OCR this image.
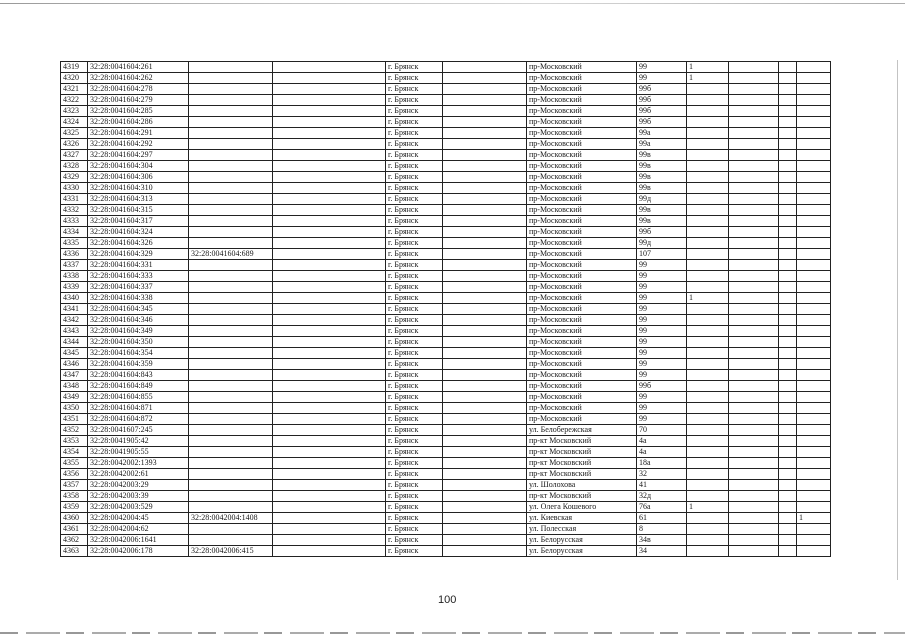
4319	32:28:0041604:261			г. Брянск		пр-Московский	99	1			
4320	32:28:0041604:262			г. Брянск		пр-Московский	99	1			
4321	32:28:0041604:278			г. Брянск		пр-Московский	99б				
4322	32:28:0041604:279			г. Брянск		пр-Московский	99б				
4323	32:28:0041604:285			г. Брянск		пр-Московский	99б				
4324	32:28:0041604:286			г. Брянск		пр-Московский	99б				
4325	32:28:0041604:291			г. Брянск		пр-Московский	99а				
4326	32:28:0041604:292			г. Брянск		пр-Московский	99а				
4327	32:28:0041604:297			г. Брянск		пр-Московский	99в				
4328	32:28:0041604:304			г. Брянск		пр-Московский	99в				
4329	32:28:0041604:306			г. Брянск		пр-Московский	99в				
4330	32:28:0041604:310			г. Брянск		пр-Московский	99в				
4331	32:28:0041604:313			г. Брянск		пр-Московский	99д				
4332	32:28:0041604:315			г. Брянск		пр-Московский	99в				
4333	32:28:0041604:317			г. Брянск		пр-Московский	99в				
4334	32:28:0041604:324			г. Брянск		пр-Московский	99б				
4335	32:28:0041604:326			г. Брянск		пр-Московский	99д				
4336	32:28:0041604:329	32:28:0041604:689		г. Брянск		пр-Московский	107				
4337	32:28:0041604:331			г. Брянск		пр-Московский	99				
4338	32:28:0041604:333			г. Брянск		пр-Московский	99				
4339	32:28:0041604:337			г. Брянск		пр-Московский	99				
4340	32:28:0041604:338			г. Брянск		пр-Московский	99	1			
4341	32:28:0041604:345			г. Брянск		пр-Московский	99				
4342	32:28:0041604:346			г. Брянск		пр-Московский	99				
4343	32:28:0041604:349			г. Брянск		пр-Московский	99				
4344	32:28:0041604:350			г. Брянск		пр-Московский	99				
4345	32:28:0041604:354			г. Брянск		пр-Московский	99				
4346	32:28:0041604:359			г. Брянск		пр-Московский	99				
4347	32:28:0041604:843			г. Брянск		пр-Московский	99				
4348	32:28:0041604:849			г. Брянск		пр-Московский	99б				
4349	32:28:0041604:855			г. Брянск		пр-Московский	99				
4350	32:28:0041604:871			г. Брянск		пр-Московский	99				
4351	32:28:0041604:872			г. Брянск		пр-Московский	99				
4352	32:28:0041607:245			г. Брянск		ул. Белобережская	70				
4353	32:28:0041905:42			г. Брянск		пр-кт Московский	4а				
4354	32:28:0041905:55			г. Брянск		пр-кт Московский	4а				
4355	32:28:0042002:1393			г. Брянск		пр-кт Московский	18а				
4356	32:28:0042002:61			г. Брянск		пр-кт Московский	32				
4357	32:28:0042003:29			г. Брянск		ул. Шолохова	41				
4358	32:28:0042003:39			г. Брянск		пр-кт Московский	32д				
4359	32:28:0042003:529			г. Брянск		ул. Олега Кошевого	76а	1			
4360	32:28:0042004:45	32:28:0042004:1408		г. Брянск		ул. Киевская	61				1
4361	32:28:0042004:62			г. Брянск		ул. Полесская	8				
4362	32:28:0042006:1641			г. Брянск		ул. Белорусская	34в				
4363	32:28:0042006:178	32:28:0042006:415		г. Брянск		ул. Белорусская	34				
100
